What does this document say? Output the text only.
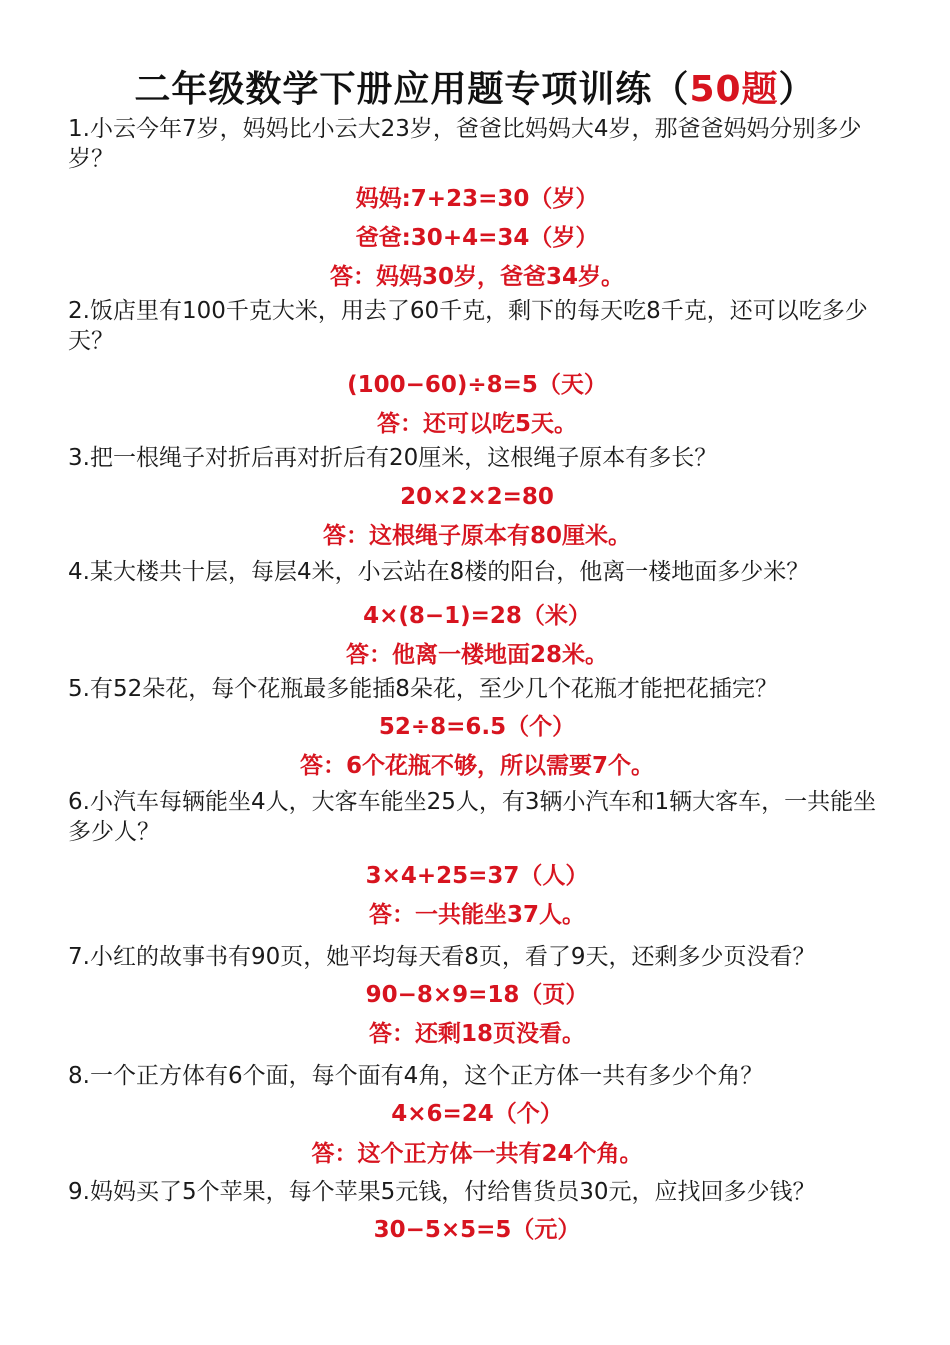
二年级数学下册应用题专项训练（50题）

1.小云今年7岁，妈妈比小云大23岁，爸爸比妈妈大4岁，那爸爸妈妈分别多少岁？

妈妈:7+23=30（岁）

爸爸:30+4=34（岁）

答：妈妈30岁，爸爸34岁。

2.饭店里有100千克大米，用去了60千克，剩下的每天吃8千克，还可以吃多少天？

(100−60)÷8=5（天）

答：还可以吃5天。

3.把一根绳子对折后再对折后有20厘米，这根绳子原本有多长？

20×2×2=80

答：这根绳子原本有80厘米。

4.某大楼共十层，每层4米，小云站在8楼的阳台，他离一楼地面多少米？

4×(8−1)=28（米）

答：他离一楼地面28米。

5.有52朵花，每个花瓶最多能插8朵花，至少几个花瓶才能把花插完？

52÷8=6.5（个）

答：6个花瓶不够，所以需要7个。

6.小汽车每辆能坐4人，大客车能坐25人，有3辆小汽车和1辆大客车，一共能坐多少人？

3×4+25=37（人）

答：一共能坐37人。

7.小红的故事书有90页，她平均每天看8页，看了9天，还剩多少页没看？

90−8×9=18（页）

答：还剩18页没看。

8.一个正方体有6个面，每个面有4角，这个正方体一共有多少个角？

4×6=24（个）

答：这个正方体一共有24个角。

9.妈妈买了5个苹果，每个苹果5元钱，付给售货员30元，应找回多少钱？

30−5×5=5（元）
